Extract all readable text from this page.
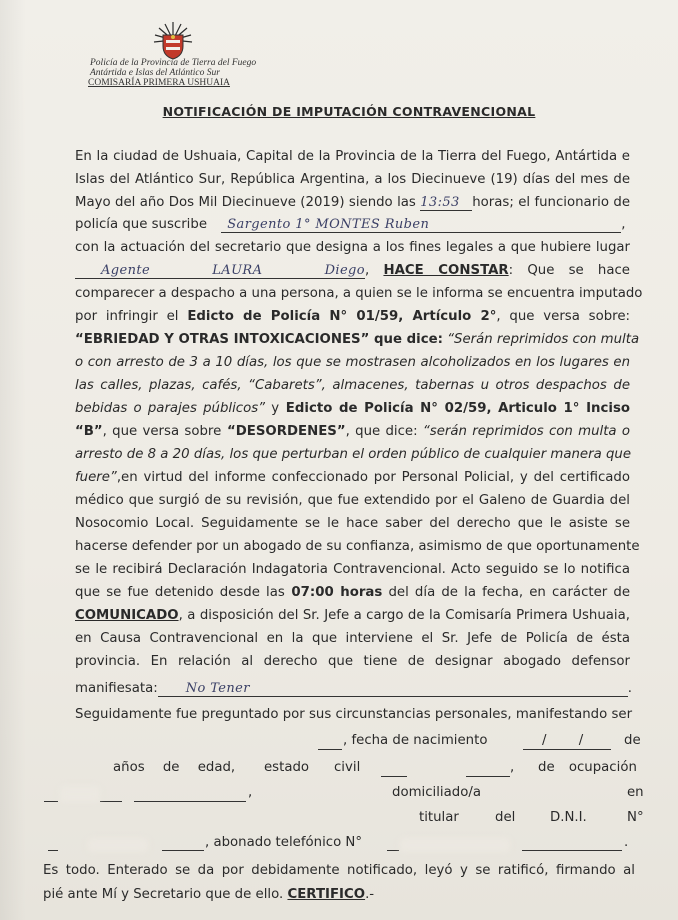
Policía de la Provincia de Tierra del Fuego
Antártida e Islas del Atlántico Sur
COMISARÍA PRIMERA USHUAIA
NOTIFICACIÓN DE IMPUTACIÓN CONTRAVENCIONAL
En la ciudad de Ushuaia, Capital de la Provincia de la Tierra del Fuego, Antártida e
Islas del Atlántico Sur, República Argentina, a los Diecinueve (19) días del mes de
Mayo del año Dos Mil Diecinueve (2019) siendo las 13:53 horas; el funcionario de
policía que suscribe Sargento 1° MONTES Ruben	,
con la actuación del secretario que designa a los fines legales a que hubiere lugar
Agente LAURA Diego, HACE CONSTAR: Que se hace
comparecer a despacho a una persona, a quien se le informa se encuentra imputado
por infringir el Edicto de Policía N° 01/59, Artículo 2°, que versa sobre:
“EBRIEDAD Y OTRAS INTOXICACIONES” que dice: “Serán reprimidos con multa
o con arresto de 3 a 10 días, los que se mostrasen alcoholizados en los lugares en
las calles, plazas, cafés, “Cabarets”, almacenes, tabernas u otros despachos de
bebidas o parajes públicos” y Edicto de Policía N° 02/59, Articulo 1° Inciso
“B”, que versa sobre “DESORDENES”, que dice: “serán reprimidos con multa o
arresto de 8 a 20 días, los que perturban el orden público de cualquier manera que
fuere”,en virtud del informe confeccionado por Personal Policial, y del certificado
médico que surgió de su revisión, que fue extendido por el Galeno de Guardia del
Nosocomio Local. Seguidamente se le hace saber del derecho que le asiste se
hacerse defender por un abogado de su confianza, asimismo de que oportunamente
se le recibirá Declaración Indagatoria Contravencional. Acto seguido se lo notifica
que se fue detenido desde las 07:00 horas del día de la fecha, en carácter de
COMUNICADO, a disposición del Sr. Jefe a cargo de la Comisaría Primera Ushuaia,
en Causa Contravencional en la que interviene el Sr. Jefe de Policía de ésta
provincia. En relación al derecho que tiene de designar abogado defensor
manifiesata: No Tener	.
Seguidamente fue preguntado por sus circunstancias personales, manifestando ser
, fecha de nacimiento	/ / de
años de edad, estado civil	, de ocupación
,	domiciliado/a	en
titular	del	D.N.I.	N°
, abonado telefónico N°	.
Es todo. Enterado se da por debidamente notificado, leyó y se ratificó, firmando al
pié ante Mí y Secretario que de ello. CERTIFICO.-
